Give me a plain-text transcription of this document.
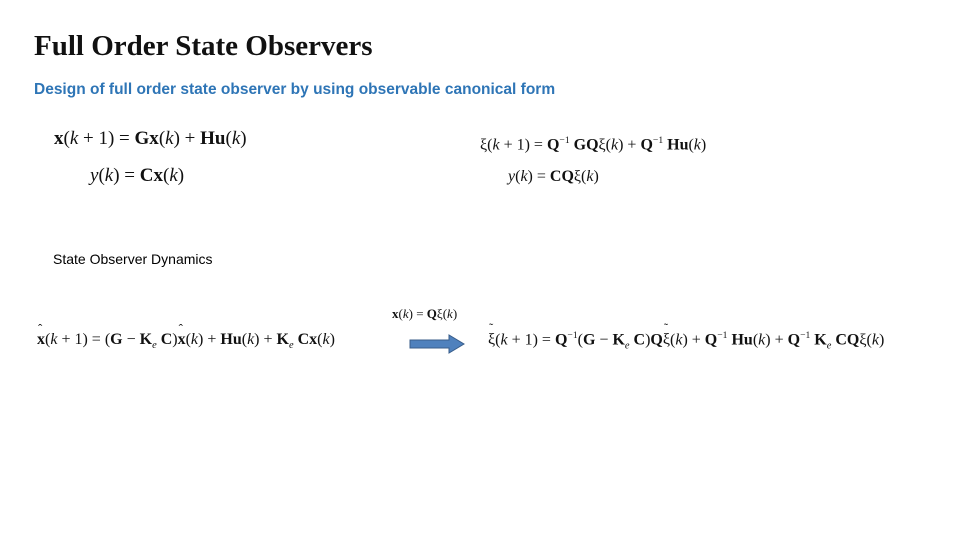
Full Order State Observers
Design of full order state observer by using observable canonical form
x(k + 1) = Gx(k) + Hu(k)
y(k) = Cx(k)
$\xi(k + 1) = Q^{-1}$ $GQ\xi(k) + Q^{-1}$ Hu(k)
y(k) = CQξ(k)
State Observer Dynamics
x(k) = Qξ(k)
ˆ $x(k + 1) = (G - K_e$ C)ˆ $x(k) + Hu(k) + K_e$ Cx(k)
˜	$\xi(k + 1) = Q^{-1}(G - K_e$ C)Q˜ $\xi(k) + Q^{-1}$ $Hu(k) + Q^{-1}$ $K_e$ CQξ(k)
